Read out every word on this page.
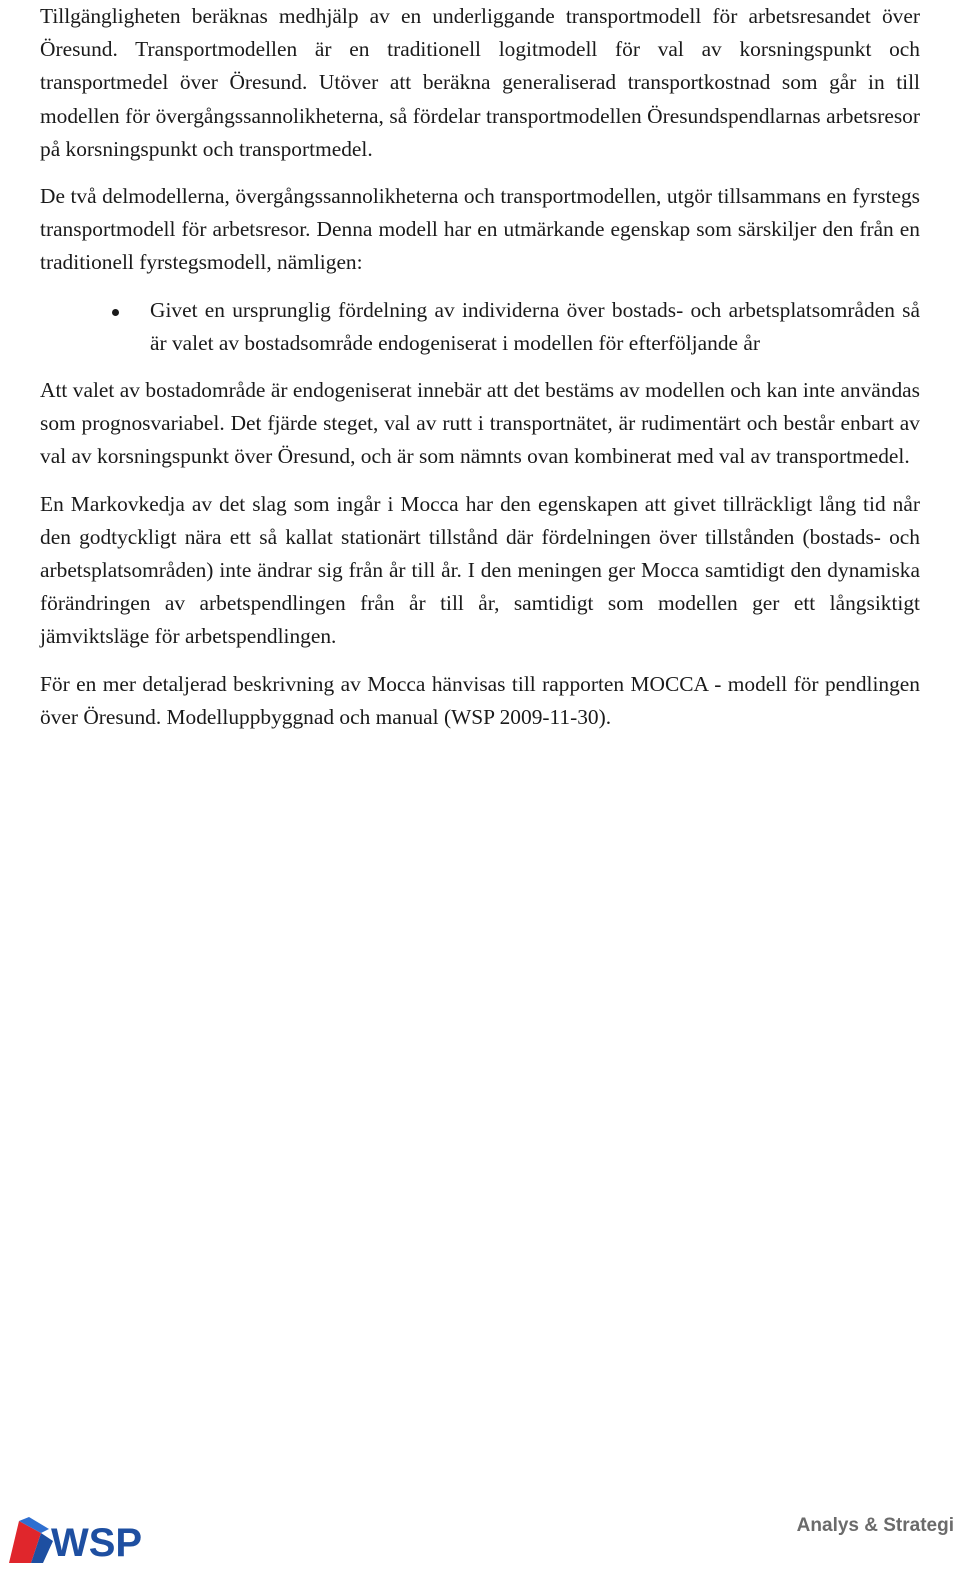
Tillgängligheten beräknas medhjälp av en underliggande transportmodell för arbetsresandet över Öresund. Transportmodellen är en traditionell logitmodell för val av korsningspunkt och transportmedel över Öresund. Utöver att beräkna generaliserad transportkostnad som går in till modellen för övergångssannolikheterna, så fördelar transportmodellen Öresundspendlarnas arbetsresor på korsningspunkt och transportmedel.

De två delmodellerna, övergångssannolikheterna och transportmodellen, utgör tillsammans en fyrstegs transportmodell för arbetsresor. Denna modell har en utmärkande egenskap som särskiljer den från en traditionell fyrstegsmodell, nämligen:

Givet en ursprunglig fördelning av individerna över bostads- och arbetsplatsområden så är valet av bostadsområde endogeniserat i modellen för efterföljande år

Att valet av bostadområde är endogeniserat innebär att det bestäms av modellen och kan inte användas som prognosvariabel. Det fjärde steget, val av rutt i transportnätet, är rudimentärt och består enbart av val av korsningspunkt över Öresund, och är som nämnts ovan kombinerat med val av transportmedel.

En Markovkedja av det slag som ingår i Mocca har den egenskapen att givet tillräckligt lång tid når den godtyckligt nära ett så kallat stationärt tillstånd där fördelningen över tillstånden (bostads- och arbetsplatsområden) inte ändrar sig från år till år. I den meningen ger Mocca samtidigt den dynamiska förändringen av arbetspendlingen från år till år, samtidigt som modellen ger ett långsiktigt jämviktsläge för arbetspendlingen.

För en mer detaljerad beskrivning av Mocca hänvisas till rapporten MOCCA - modell för pendlingen över Öresund. Modelluppbyggnad och manual (WSP 2009-11-30).

WSP	Analys & Strategi
